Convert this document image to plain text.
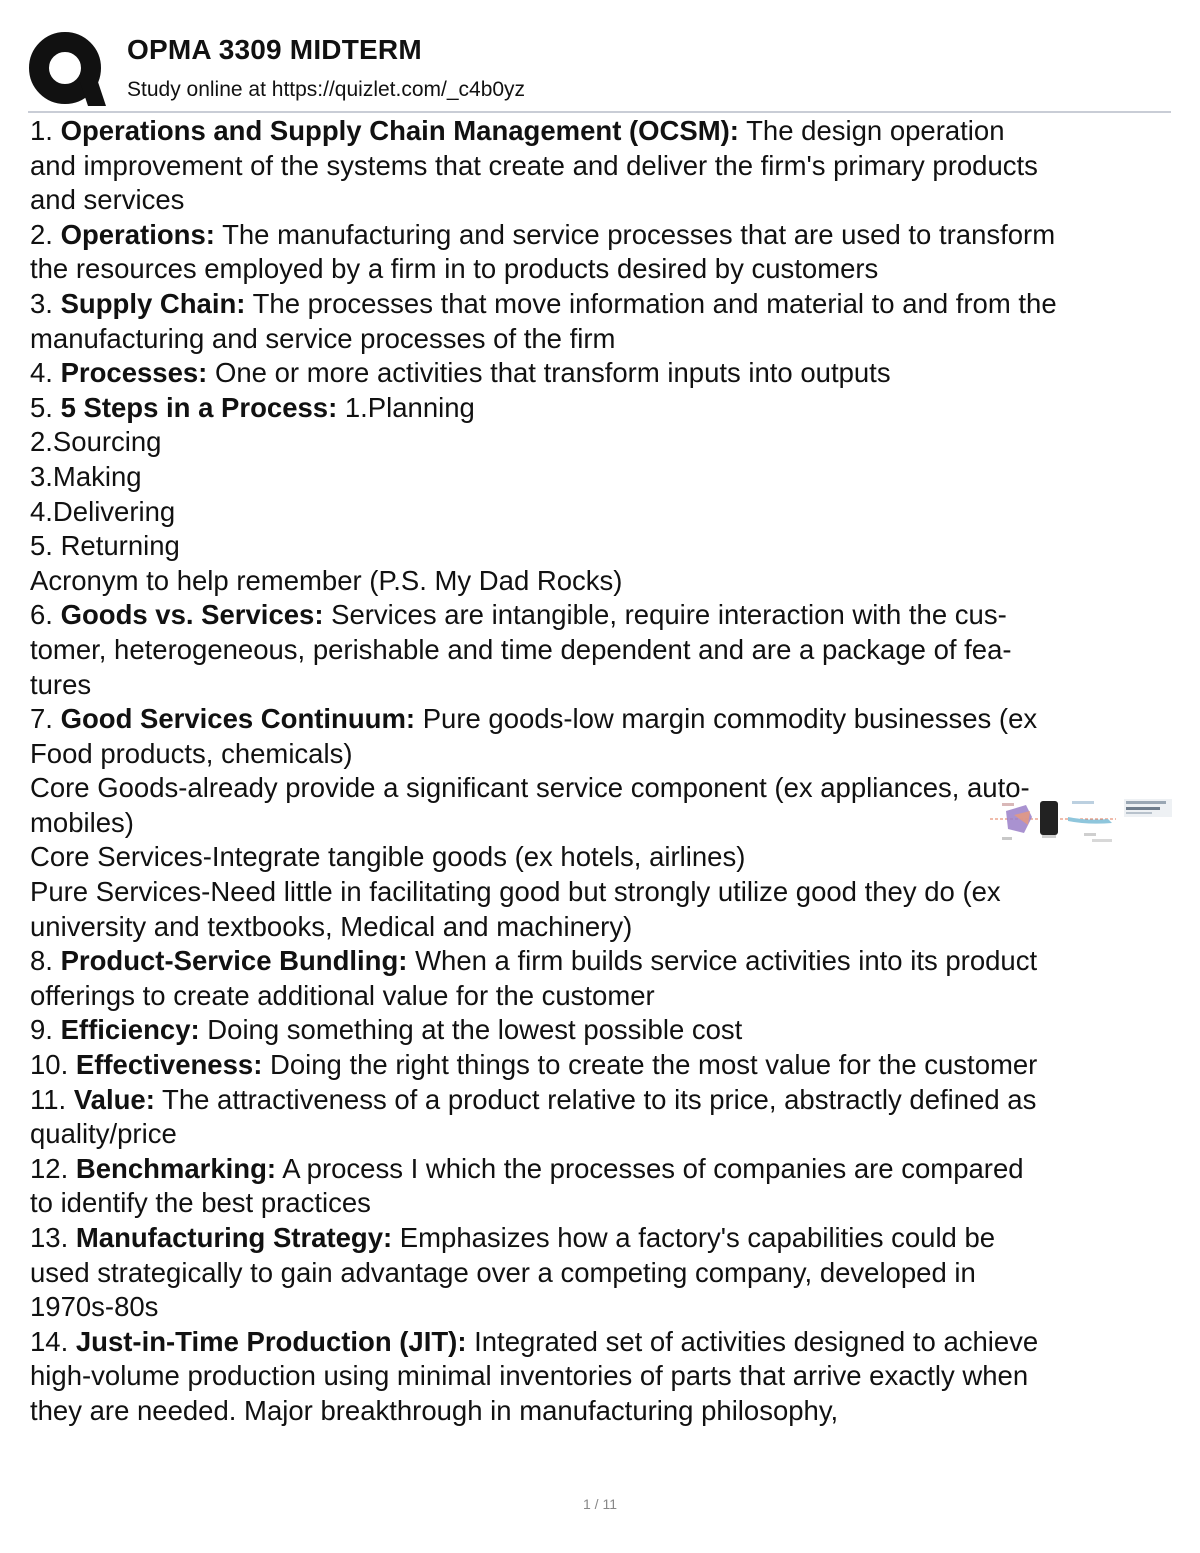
OPMA 3309 MIDTERM
Study online at https://quizlet.com/_c4b0yz
1. Operations and Supply Chain Management (OCSM): The design operation
and improvement of the systems that create and deliver the firm's primary products
and services
2. Operations: The manufacturing and service processes that are used to transform
the resources employed by a firm in to products desired by customers
3. Supply Chain: The processes that move information and material to and from the
manufacturing and service processes of the firm
4. Processes: One or more activities that transform inputs into outputs
5. 5 Steps in a Process: 1.Planning
2.Sourcing
3.Making
4.Delivering
5. Returning
Acronym to help remember (P.S. My Dad Rocks)
6. Goods vs. Services: Services are intangible, require interaction with the cus-
tomer, heterogeneous, perishable and time dependent and are a package of fea-
tures
7. Good Services Continuum: Pure goods-low margin commodity businesses (ex
Food products, chemicals)
Core Goods-already provide a significant service component (ex appliances, auto-
mobiles)
Core Services-Integrate tangible goods (ex hotels, airlines)
Pure Services-Need little in facilitating good but strongly utilize good they do (ex
university and textbooks, Medical and machinery)
8. Product-Service Bundling: When a firm builds service activities into its product
offerings to create additional value for the customer
9. Efficiency: Doing something at the lowest possible cost
10. Effectiveness: Doing the right things to create the most value for the customer
11. Value: The attractiveness of a product relative to its price, abstractly defined as
quality/price
12. Benchmarking: A process I which the processes of companies are compared
to identify the best practices
13. Manufacturing Strategy: Emphasizes how a factory's capabilities could be
used strategically to gain advantage over a competing company, developed in
1970s-80s
14. Just-in-Time Production (JIT): Integrated set of activities designed to achieve
high-volume production using minimal inventories of parts that arrive exactly when
they are needed. Major breakthrough in manufacturing philosophy,
1 / 11
